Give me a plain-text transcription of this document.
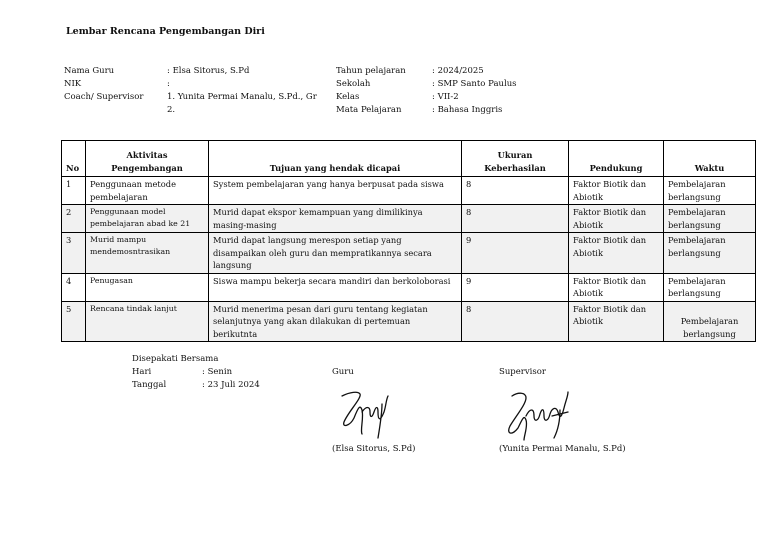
Lembar Rencana Pengembangan Diri
Nama Guru	: Elsa Sitorus, S.Pd
NIK	:
Coach/ Supervisor	1. Yunita Permai Manalu, S.Pd., Gr
2.
Tahun pelajaran	: 2024/2025
Sekolah	: SMP Santo Paulus
Kelas	: VII-2
Mata Pelajaran	: Bahasa Inggris
No	Aktivitas Pengembangan	Tujuan yang hendak dicapai	Ukuran Keberhasilan	Pendukung	Waktu
1	Penggunaan metode pembelajaran	System pembelajaran yang hanya berpusat pada siswa	8	Faktor Biotik dan Abiotik	Pembelajaran berlangsung
2	Penggunaan model pembelajaran abad ke 21	Murid dapat ekspor kemampuan yang dimilikinya masing-masing	8	Faktor Biotik dan Abiotik	Pembelajaran berlangsung
3	Murid mampu mendemosntrasikan	Murid dapat langsung merespon setiap yang disampaikan oleh guru dan mempratikannya secara langsung	9	Faktor Biotik dan Abiotik	Pembelajaran berlangsung
4	Penugasan	Siswa mampu bekerja secara mandiri dan berkoloborasi	9	Faktor Biotik dan Abiotik	Pembelajaran berlangsung
5	Rencana tindak lanjut	Murid menerima pesan dari guru tentang kegiatan selanjutnya yang akan dilakukan di pertemuan berikutnta	8	Faktor Biotik dan Abiotik	Pembelajaran berlangsung
Disepakati Bersama
Hari	: Senin
Tanggal	: 23 Juli 2024
Guru	Supervisor
(Elsa Sitorus, S.Pd)	(Yunita Permai Manalu, S.Pd)
